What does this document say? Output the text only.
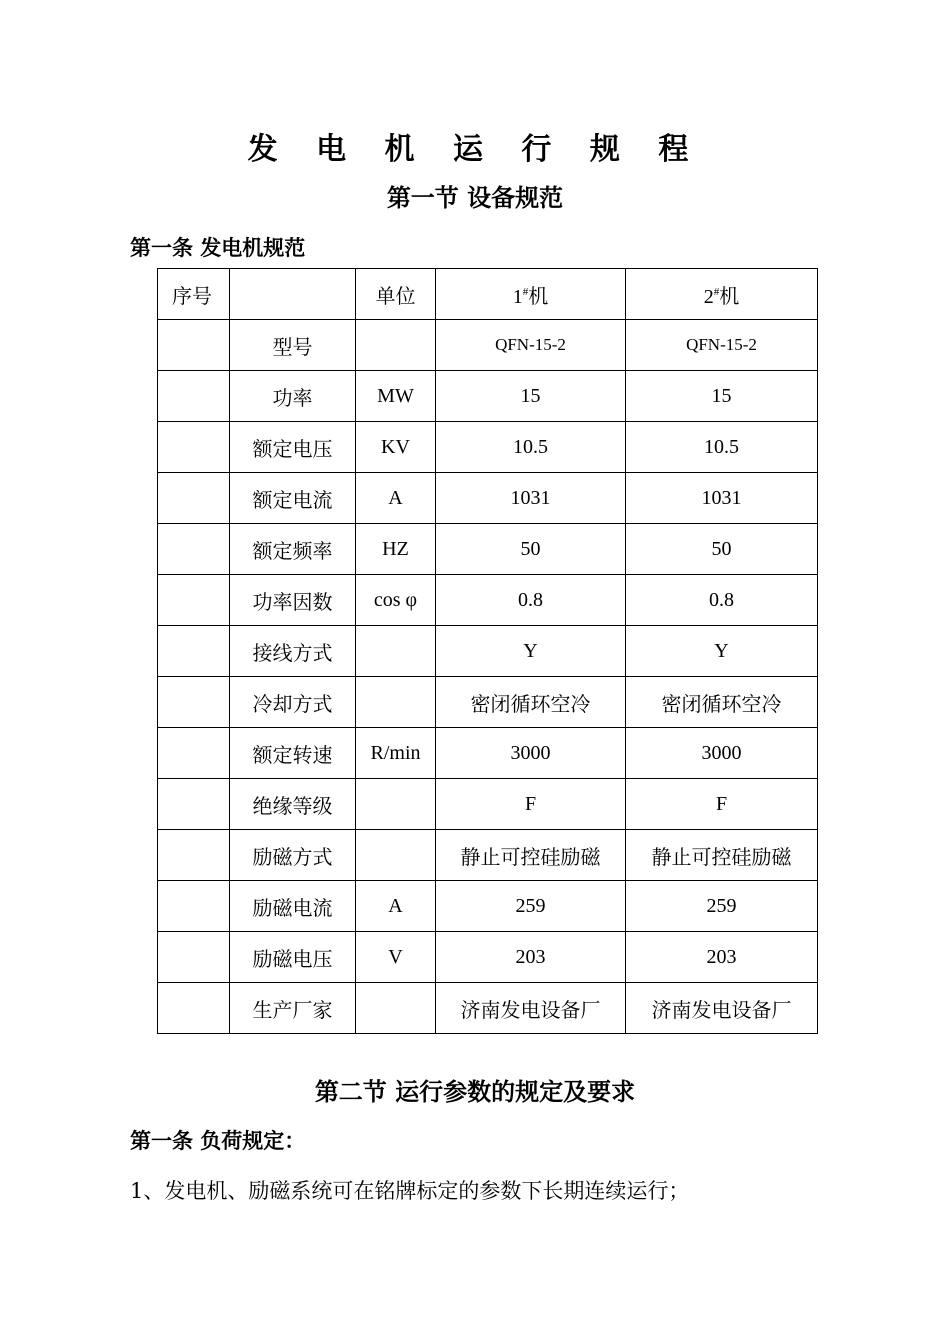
发 电 机 运 行 规 程
第一节 设备规范
第一条 发电机规范
序号		单位	1#机	2#机
	型号		QFN-15-2	QFN-15-2
	功率	MW	15	15
	额定电压	KV	10.5	10.5
	额定电流	A	1031	1031
	额定频率	HZ	50	50
	功率因数	cos φ	0.8	0.8
	接线方式		Y	Y
	冷却方式		密闭循环空冷	密闭循环空冷
	额定转速	R/min	3000	3000
	绝缘等级		F	F
	励磁方式		静止可控硅励磁	静止可控硅励磁
	励磁电流	A	259	259
	励磁电压	V	203	203
	生产厂家		济南发电设备厂	济南发电设备厂
第二节 运行参数的规定及要求
第一条 负荷规定：
1、发电机、励磁系统可在铭牌标定的参数下长期连续运行；
